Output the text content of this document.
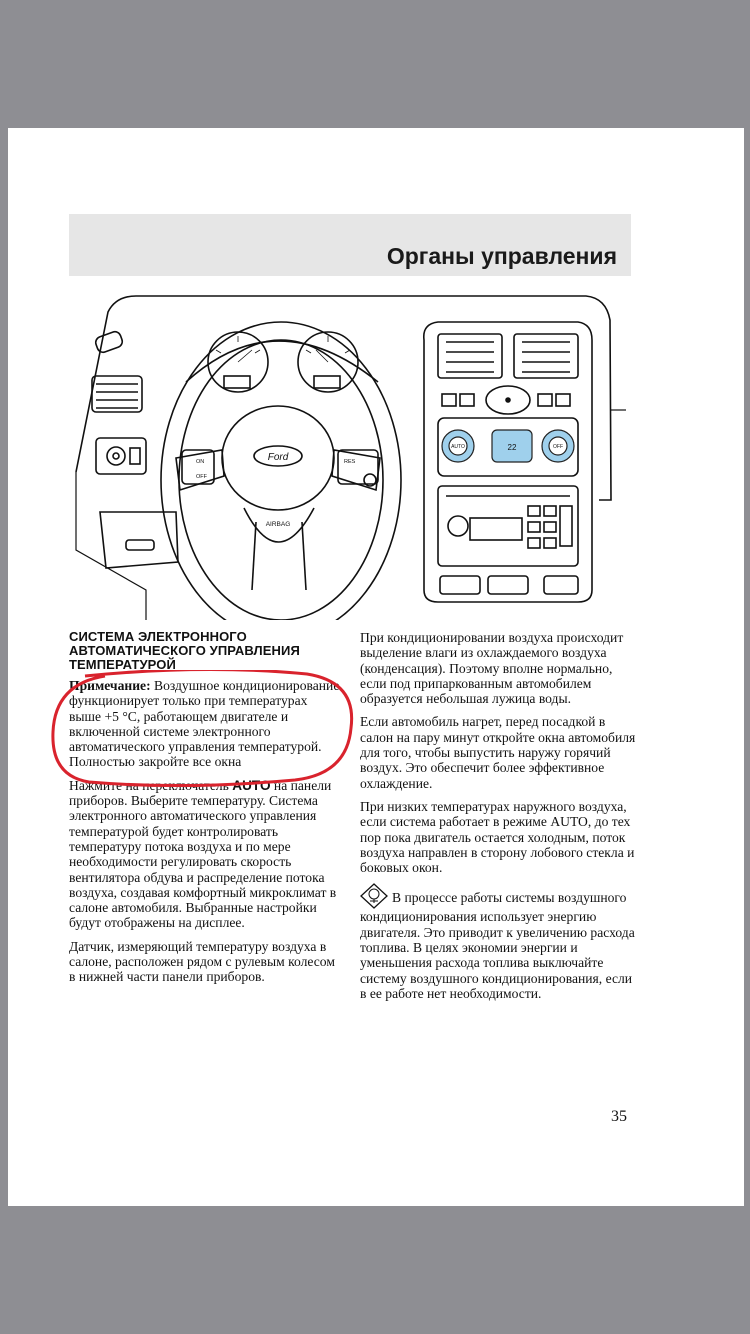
Органы управления
Ford
AIRBAG
ON
OFF
RES
AUTO	22	OFF
СИСТЕМА ЭЛЕКТРОННОГО АВТОМАТИЧЕСКОГО УПРАВЛЕНИЯ ТЕМПЕРАТУРОЙ

Примечание: Воздушное кондиционирование функционирует только при температурах выше +5 °C, работающем двигателе и включенной системе электронного автоматического управления температурой. Полностью закройте все окна

Нажмите на переключатель AUTO на панели приборов. Выберите температуру. Система электронного автоматического управления температурой будет контролировать температуру потока воздуха и по мере необходимости регулировать скорость вентилятора обдува и распределение потока воздуха, создавая комфортный микроклимат в салоне автомобиля. Выбранные настройки будут отображены на дисплее.

Датчик, измеряющий температуру воздуха в салоне, расположен рядом с рулевым колесом в нижней части панели приборов.

При кондиционировании воздуха происходит выделение влаги из охлаждаемого воздуха (конденсация). Поэтому вполне нормально, если под припаркованным автомобилем образуется небольшая лужица воды.

Если автомобиль нагрет, перед посадкой в салон на пару минут откройте окна автомобиля для того, чтобы выпустить наружу горячий воздух. Это обеспечит более эффективное охлаждение.

При низких температурах наружного воздуха, если система работает в режиме AUTO, до тех пор пока двигатель остается холодным, поток воздуха направлен в сторону лобового стекла и боковых окон.

В процессе работы системы воздушного кондиционирования использует энергию двигателя. Это приводит к увеличению расхода топлива. В целях экономии энергии и уменьшения расхода топлива выключайте систему воздушного кондиционирования, если в ее работе нет необходимости.

35
